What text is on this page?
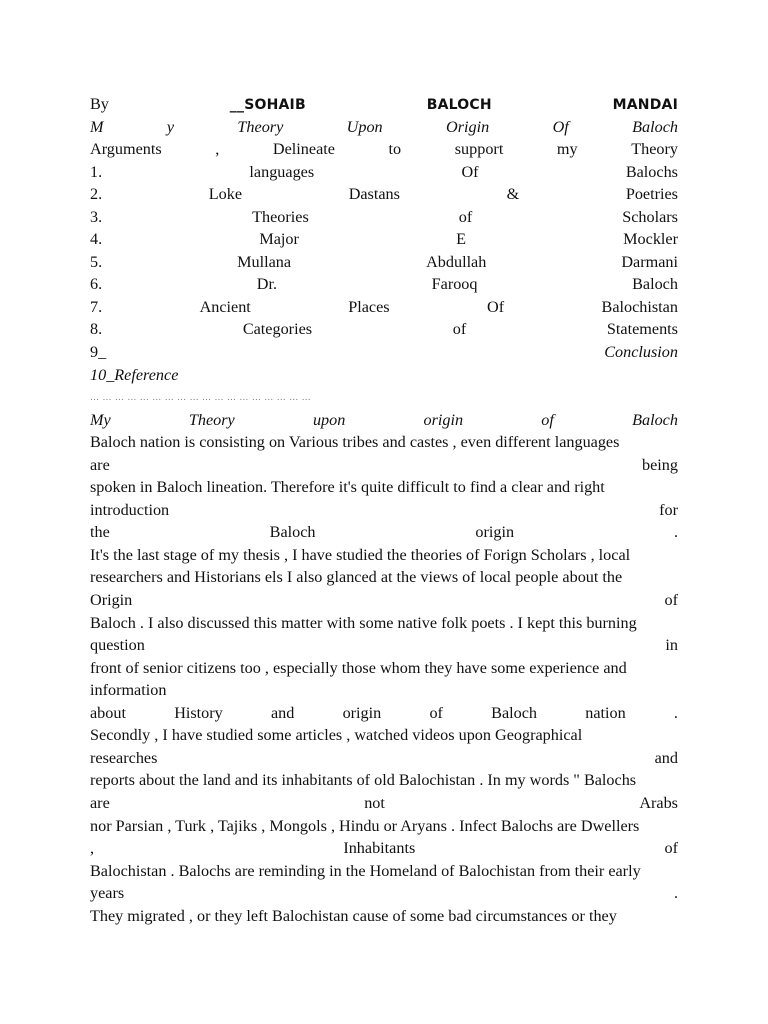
By	__SOHAIB	BALOCH	MANDAI
M	y	Theory	Upon	Origin	Of	Baloch
Arguments	,	Delineate	to	support	my	Theory
1.	languages	Of	Balochs
2.	Loke	Dastans	&	Poetries
3.	Theories	of	Scholars
4.	Major	E	Mockler
5.	Mullana	Abdullah	Darmani
6.	Dr.	Farooq	Baloch
7.	Ancient	Places	Of	Balochistan
8.	Categories	of	Statements
9_	Conclusion
10_Reference
… … … … … … … … … … … … … … … … … …
My	Theory	upon	origin	of	Baloch
Baloch nation is consisting on Various tribes and castes , even different languages
are	being
spoken in Baloch lineation. Therefore it's quite difficult to find a clear and right
introduction	for
the	Baloch	origin	.
It's the last stage of my thesis , I have studied the theories of Forign Scholars , local
researchers and Historians els I also glanced at the views of local people about the
Origin	of
Baloch . I also discussed this matter with some native folk poets . I kept this burning
question	in
front of senior citizens too , especially those whom they have some experience and
information
about	History	and	origin	of	Baloch	nation	.
Secondly , I have studied some articles , watched videos upon Geographical
researches	and
reports about the land and its inhabitants of old Balochistan . In my words " Balochs
are	not	Arabs
nor Parsian , Turk , Tajiks , Mongols , Hindu or Aryans . Infect Balochs are Dwellers
,	Inhabitants	of
Balochistan . Balochs are reminding in the Homeland of Balochistan from their early
years	.
They migrated , or they left Balochistan cause of some bad circumstances or they
